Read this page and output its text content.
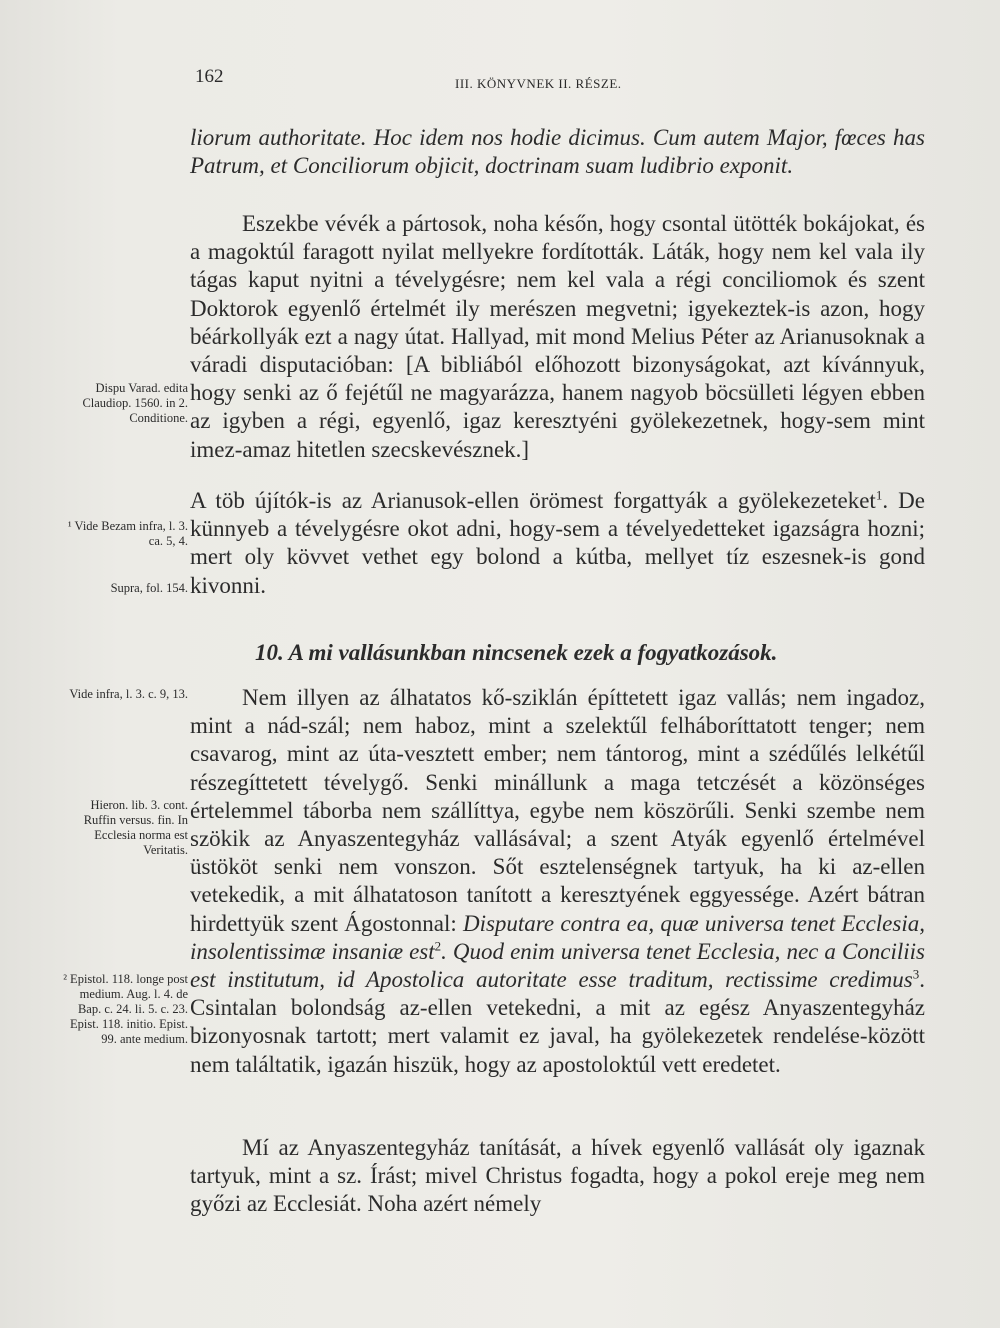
162	III. KÖNYVNEK II. RÉSZE.

liorum authoritate. Hoc idem nos hodie dicimus. Cum autem Major, fœces has Patrum, et Conciliorum objicit, doctrinam suam ludibrio exponit.

Eszekbe vévék a pártosok, noha későn, hogy csontal ütötték bokájokat, és a magoktúl faragott nyilat mellyekre fordították. Láták, hogy nem kel vala ily tágas kaput nyitni a tévelygésre; nem kel vala a régi conciliomok és szent Doktorok egyenlő értelmét ily merészen megvetni; igyekeztek-is azon, hogy béárkollyák ezt a nagy útat. Hallyad, mit mond Melius Péter az Arianusoknak a váradi disputacióban: [A bibliából előhozott bizonyságokat, azt kívánnyuk, hogy senki az ő fejétűl ne magyarázza, hanem nagyob böcsülleti légyen ebben az igyben a régi, egyenlő, igaz keresztyéni gyölekezetnek, hogy-sem mint imez-amaz hitetlen szecskevésznek.]

A töb újítók-is az Arianusok-ellen örömest forgattyák a gyölekezeteket$^1$. De künnyeb a tévelygésre okot adni, hogy-sem a tévelyedetteket igazságra hozni; mert oly kövvet vethet egy bolond a kútba, mellyet tíz eszesnek-is gond kivonni.

10. A mi vallásunkban nincsenek ezek a fogyatkozások.

Nem illyen az álhatatos kő-sziklán építtetett igaz vallás; nem ingadoz, mint a nád-szál; nem haboz, mint a szelektűl felháboríttatott tenger; nem csavarog, mint az úta-vesztett ember; nem tántorog, mint a szédűlés lelkétűl részegíttetett tévelygő. Senki minállunk a maga tetczését a közönséges értelemmel táborba nem szállíttya, egybe nem köszörűli. Senki szembe nem szökik az Anyaszentegyház vallásával; a szent Atyák egyenlő értelmével üstököt senki nem vonszon. Sőt esztelenségnek tartyuk, ha ki az-ellen vetekedik, a mit álhatatoson tanított a keresztyének eggyessége. Azért bátran hirdettyük szent Ágostonnal: Disputare contra ea, quæ universa tenet Ecclesia, insolentissimæ insaniæ est$^2$. Quod enim universa tenet Ecclesia, nec a Conciliis est institutum, id Apostolica autoritate esse traditum, rectissime credimus$^3$. Csintalan bolondság az-ellen vetekedni, a mit az egész Anyaszentegyház bizonyosnak tartott; mert valamit ez javal, ha gyölekezetek rendelése-között nem találtatik, igazán hiszük, hogy az apostoloktúl vett eredetet.

Mí az Anyaszentegyház tanítását, a hívek egyenlő vallását oly igaznak tartyuk, mint a sz. Írást; mivel Christus fogadta, hogy a pokol ereje meg nem győzi az Ecclesiát. Noha azért némely

Dispu Varad. edita Claudiop. 1560. in 2. Conditione.

¹ Vide Bezam infra, l. 3. ca. 5, 4.

Supra, fol. 154.

Vide infra, l. 3. c. 9, 13.

Hieron. lib. 3. cont. Ruffin versus. fin. In Ecclesia norma est Veritatis.

² Epistol. 118. longe post medium. Aug. l. 4. de Bap. c. 24. li. 5. c. 23. Epist. 118. initio. Epist. 99. ante medium.
